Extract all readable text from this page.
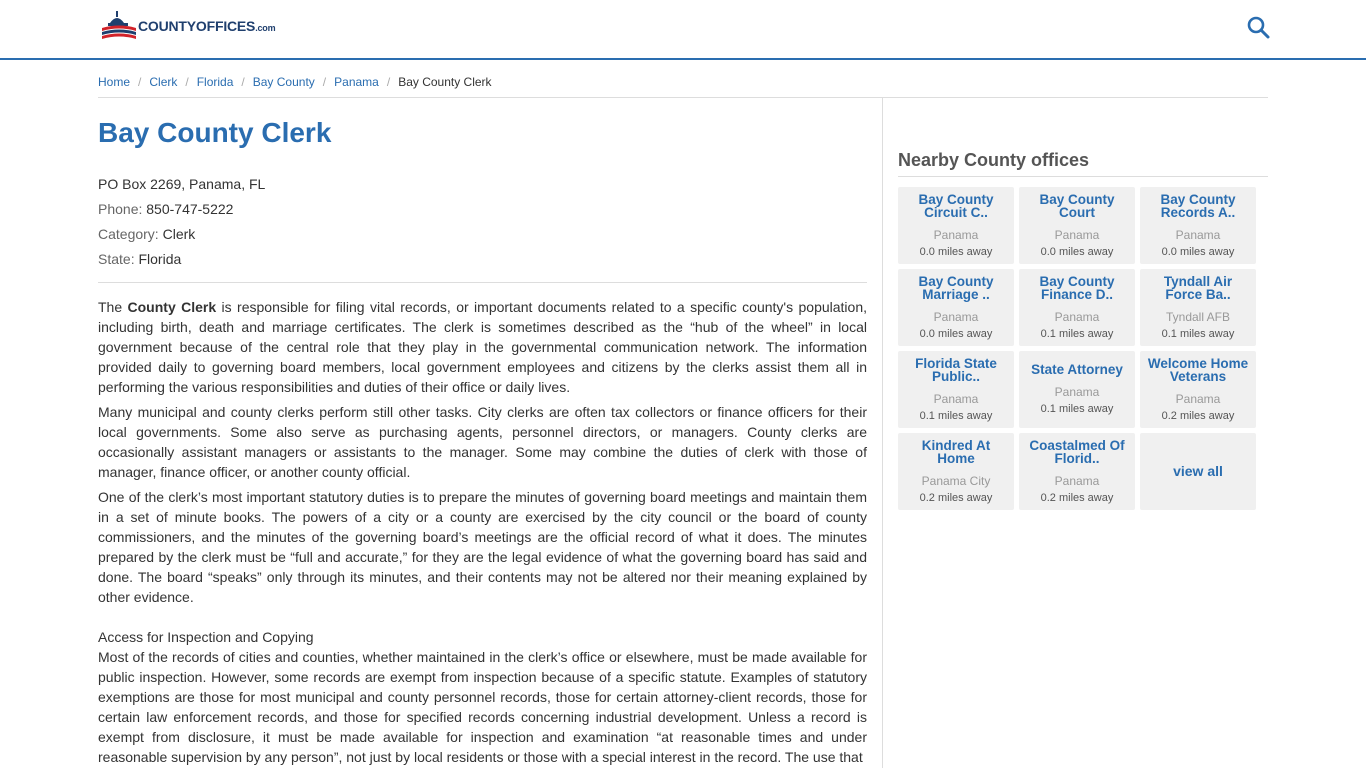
COUNTYOFFICES.com
Home / Clerk / Florida / Bay County / Panama / Bay County Clerk
Bay County Clerk
PO Box 2269, Panama, FL
Phone: 850-747-5222
Category: Clerk
State: Florida

The County Clerk is responsible for filing vital records, or important documents related to a specific county's population, including birth, death and marriage certificates. The clerk is sometimes described as the “hub of the wheel” in local government because of the central role that they play in the governmental communication network. The information provided daily to governing board members, local government employees and citizens by the clerks assist them all in performing the various responsibilities and duties of their office or daily lives.

Many municipal and county clerks perform still other tasks. City clerks are often tax collectors or finance officers for their local governments. Some also serve as purchasing agents, personnel directors, or managers. County clerks are occasionally assistant managers or assistants to the manager. Some may combine the duties of clerk with those of manager, finance officer, or another county official.

One of the clerk’s most important statutory duties is to prepare the minutes of governing board meetings and maintain them in a set of minute books. The powers of a city or a county are exercised by the city council or the board of county commissioners, and the minutes of the governing board’s meetings are the official record of what it does. The minutes prepared by the clerk must be “full and accurate,” for they are the legal evidence of what the governing board has said and done. The board “speaks” only through its minutes, and their contents may not be altered nor their meaning explained by other evidence.

Access for Inspection and Copying

Most of the records of cities and counties, whether maintained in the clerk’s office or elsewhere, must be made available for public inspection. However, some records are exempt from inspection because of a specific statute. Examples of statutory exemptions are those for most municipal and county personnel records, those for certain attorney-client records, those for certain law enforcement records, and those for specified records concerning industrial development. Unless a record is exempt from disclosure, it must be made available for inspection and examination “at reasonable times and under reasonable supervision by any person”, not just by local residents or those with a special interest in the record. The use that

Nearby County offices
Bay County Circuit C..
Panama
0.0 miles away
Bay County Court
Panama
0.0 miles away
Bay County Records A..
Panama
0.0 miles away
Bay County Marriage ..
Panama
0.0 miles away
Bay County Finance D..
Panama
0.1 miles away
Tyndall Air Force Ba..
Tyndall AFB
0.1 miles away
Florida State Public..
Panama
0.1 miles away
State Attorney
Panama
0.1 miles away
Welcome Home Veterans
Panama
0.2 miles away
Kindred At Home
Panama City
0.2 miles away
Coastalmed Of Florid..
Panama
0.2 miles away
view all
